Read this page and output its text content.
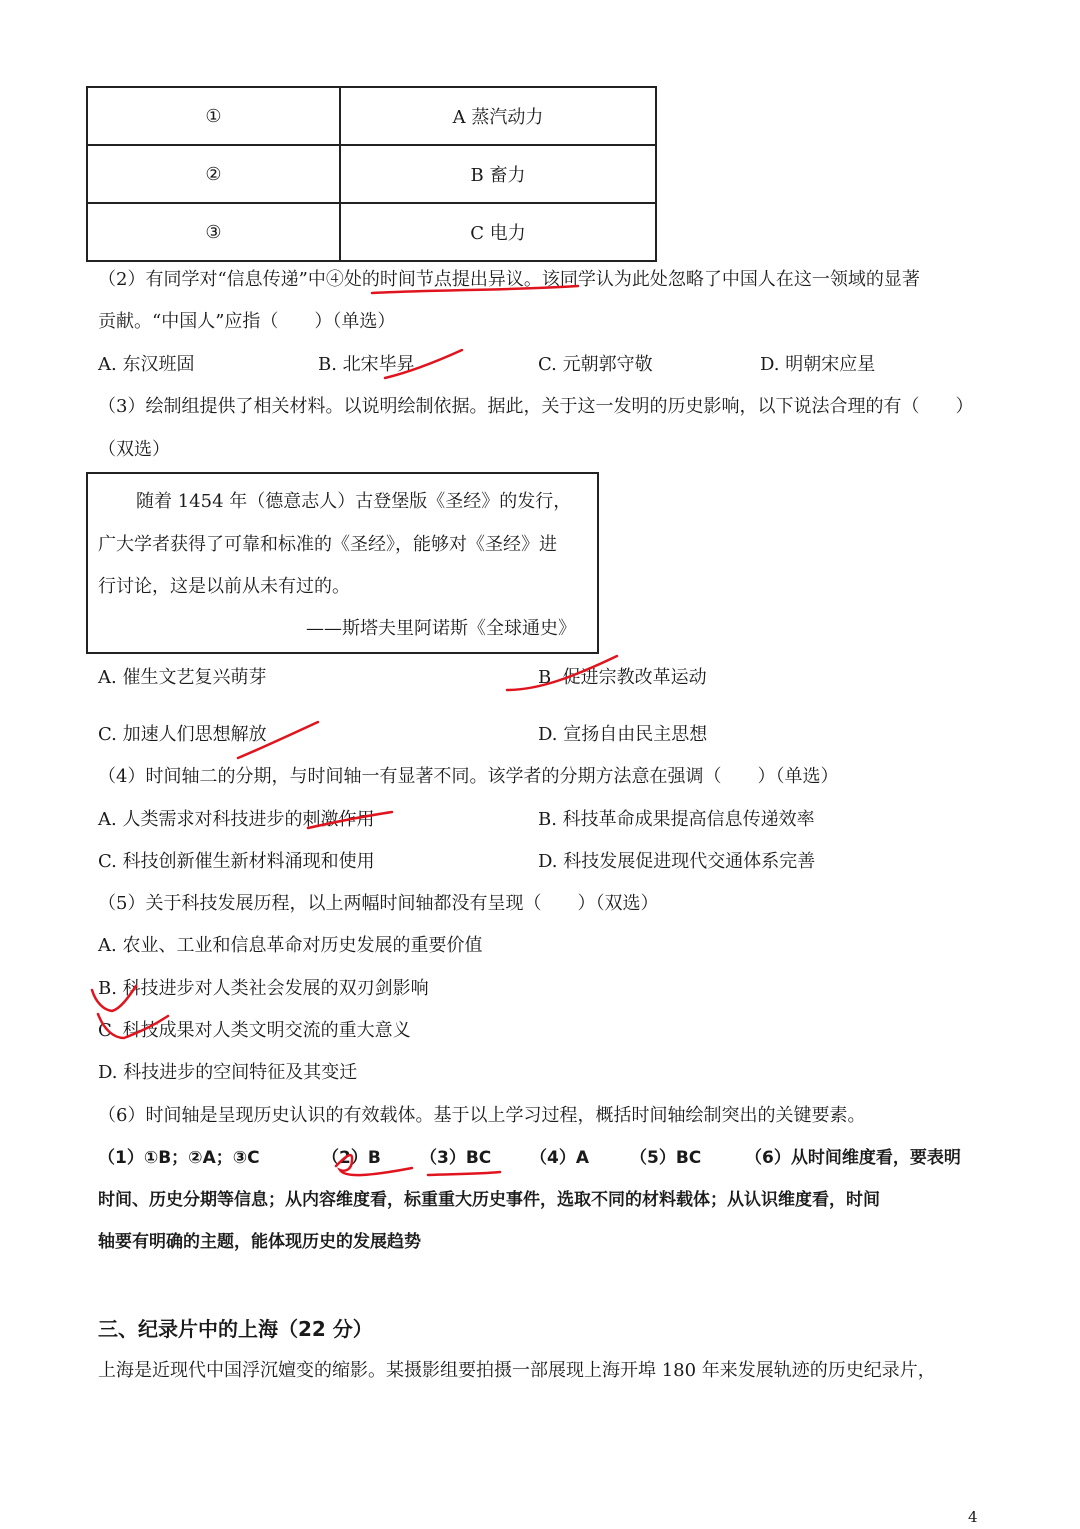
①	A 蒸汽动力
②	B 畜力
③	C 电力
（2）有同学对“信息传递”中④处的时间节点提出异议。该同学认为此处忽略了中国人在这一领域的显著
贡献。“中国人”应指（　　）（单选）
A. 东汉班固	B. 北宋毕昇	C. 元朝郭守敬	D. 明朝宋应星
（3）绘制组提供了相关材料。以说明绘制依据。据此，关于这一发明的历史影响，以下说法合理的有（　　）
（双选）
随着 1454 年（德意志人）古登堡版《圣经》的发行，
广大学者获得了可靠和标准的《圣经》，能够对《圣经》进
行讨论，这是以前从未有过的。
——斯塔夫里阿诺斯《全球通史》
A. 催生文艺复兴萌芽	B. 促进宗教改革运动
C. 加速人们思想解放	D. 宣扬自由民主思想
（4）时间轴二的分期，与时间轴一有显著不同。该学者的分期方法意在强调（　　）（单选）
A. 人类需求对科技进步的刺激作用	B. 科技革命成果提高信息传递效率
C. 科技创新催生新材料涌现和使用	D. 科技发展促进现代交通体系完善
（5）关于科技发展历程，以上两幅时间轴都没有呈现（　　）（双选）
A. 农业、工业和信息革命对历史发展的重要价值
B. 科技进步对人类社会发展的双刃剑影响
C. 科技成果对人类文明交流的重大意义
D. 科技进步的空间特征及其变迁
（6）时间轴是呈现历史认识的有效载体。基于以上学习过程，概括时间轴绘制突出的关键要素。
（1）①B；②A；③C	（2）B （3）BC （4）A （5）BC	（6）从时间维度看，要表明
时间、历史分期等信息；从内容维度看，标重重大历史事件，选取不同的材料载体；从认识维度看，时间
轴要有明确的主题，能体现历史的发展趋势
三、纪录片中的上海（22 分）
上海是近现代中国浮沉嬗变的缩影。某摄影组要拍摄一部展现上海开埠 180 年来发展轨迹的历史纪录片，
4
